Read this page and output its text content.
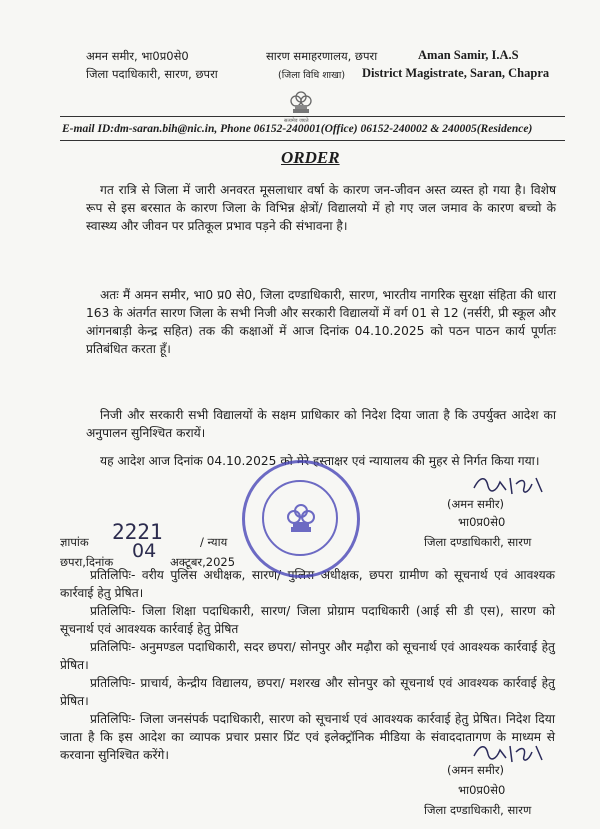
अमन समीर, भा0प्र0से0
जिला पदाधिकारी, सारण, छपरा
सारण समाहरणालय, छपरा
(जिला विधि शाखा)
सत्यमेव जयते
Aman Samir, I.A.S
District Magistrate, Saran, Chapra
E-mail ID:dm-saran.bih@nic.in, Phone 06152-240001(Office) 06152-240002 & 240005(Residence)
ORDER
गत रात्रि से जिला में जारी अनवरत मूसलाधार वर्षा के कारण जन-जीवन अस्त व्यस्त हो गया है। विशेष रूप से इस बरसात के कारण जिला के विभिन्न क्षेत्रों/ विद्यालयो में हो गए जल जमाव के कारण बच्चो के स्वास्थ्य और जीवन पर प्रतिकूल प्रभाव पड़ने की संभावना है।
अतः मैं अमन समीर, भा0 प्र0 से0, जिला दण्डाधिकारी, सारण, भारतीय नागरिक सुरक्षा संहिता की धारा 163 के अंतर्गत सारण जिला के सभी निजी और सरकारी विद्यालयों में वर्ग 01 से 12 (नर्सरी, प्री स्कूल और आंगनबाड़ी केन्द्र सहित) तक की कक्षाओं में आज दिनांक 04.10.2025 को पठन पाठन कार्य पूर्णतः प्रतिबंधित करता हूँ।
निजी और सरकारी सभी विद्यालयों के सक्षम प्राधिकार को निदेश दिया जाता है कि उपर्युक्त आदेश का अनुपालन सुनिश्चित करायें।
यह आदेश आज दिनांक 04.10.2025 को मेरे हस्ताक्षर एवं न्यायालय की मुहर से निर्गत किया गया।
(अमन समीर)
भा0प्र0से0
जिला दण्डाधिकारी, सारण
ज्ञापांक 2221	/ न्याय
छपरा,दिनांक 04 अक्टूबर,2025
प्रतिलिपिः- वरीय पुलिस अधीक्षक, सारण/ पुलिस अधीक्षक, छपरा ग्रामीण को सूचनार्थ एवं आवश्यक कार्रवाई हेतु प्रेषित।
प्रतिलिपिः- जिला शिक्षा पदाधिकारी, सारण/ जिला प्रोग्राम पदाधिकारी (आई सी डी एस), सारण को सूचनार्थ एवं आवश्यक कार्रवाई हेतु प्रेषित
प्रतिलिपिः- अनुमण्डल पदाधिकारी, सदर छपरा/ सोनपुर और मढ़ौरा को सूचनार्थ एवं आवश्यक कार्रवाई हेतु प्रेषित।
प्रतिलिपिः- प्राचार्य, केन्द्रीय विद्यालय, छपरा/ मशरख और सोनपुर को सूचनार्थ एवं आवश्यक कार्रवाई हेतु प्रेषित।
प्रतिलिपिः- जिला जनसंपर्क पदाधिकारी, सारण को सूचनार्थ एवं आवश्यक कार्रवाई हेतु प्रेषित। निदेश दिया जाता है कि इस आदेश का व्यापक प्रचार प्रसार प्रिंट एवं इलेक्ट्रॉनिक मीडिया के संवाददातागण के माध्यम से करवाना सुनिश्चित करेंगे।
(अमन समीर)
भा0प्र0से0
जिला दण्डाधिकारी, सारण
